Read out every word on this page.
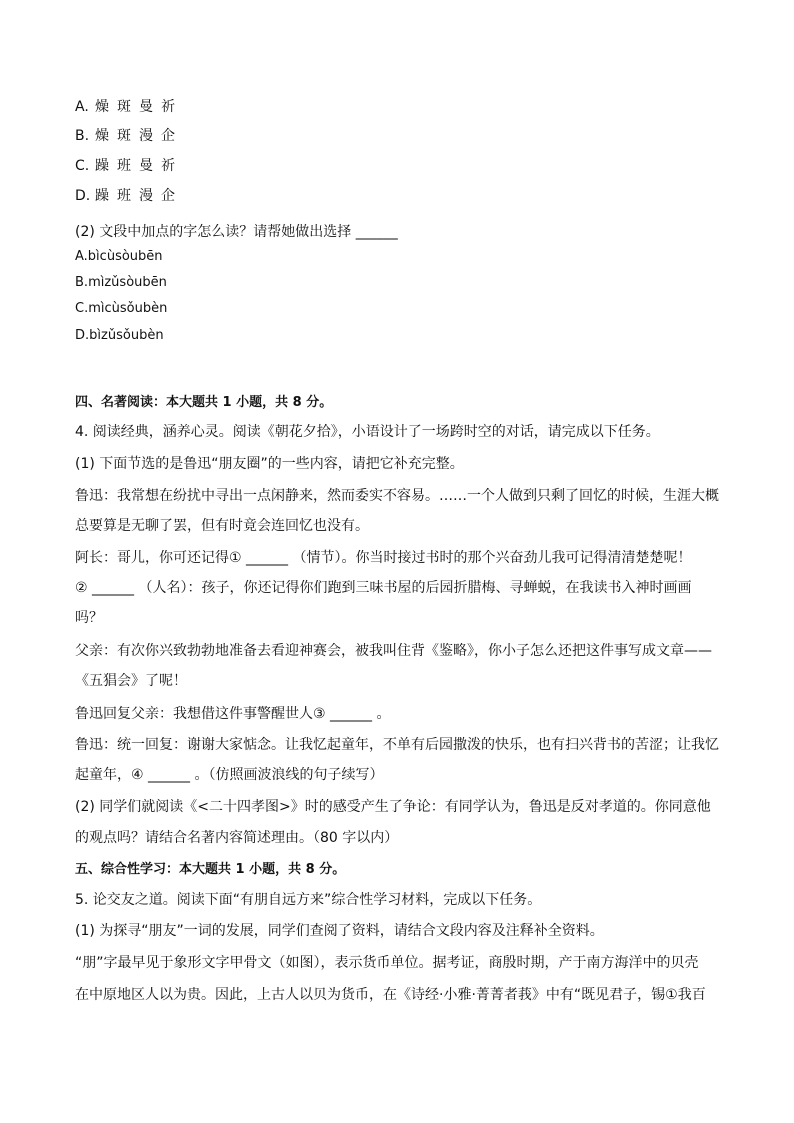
A. 燥 斑 曼 祈
B. 燥 斑 漫 企
C. 躁 班 曼 祈
D. 躁 班 漫 企
(2) 文段中加点的字怎么读？请帮她做出选择 ______
A.bìcùsòubēn
B.mìzǔsòubēn
C.mìcùsǒubèn
D.bìzǔsǒubèn
四、名著阅读：本大题共 1 小题，共 8 分。
4. 阅读经典，涵养心灵。阅读《朝花夕拾》，小语设计了一场跨时空的对话，请完成以下任务。
(1) 下面节选的是鲁迅“朋友圈”的一些内容，请把它补充完整。
鲁迅：我常想在纷扰中寻出一点闲静来，然而委实不容易。……一个人做到只剩了回忆的时候，生涯大概
总要算是无聊了罢，但有时竟会连回忆也没有。
阿长：哥儿，你可还记得① ______ （情节）。你当时接过书时的那个兴奋劲儿我可记得清清楚楚呢！
② ______ （人名）：孩子，你还记得你们跑到三味书屋的后园折腊梅、寻蝉蜕，在我读书入神时画画
吗？
父亲：有次你兴致勃勃地准备去看迎神赛会，被我叫住背《鉴略》，你小子怎么还把这件事写成文章——
《五猖会》了呢！
鲁迅回复父亲：我想借这件事警醒世人③ ______ 。
鲁迅：统一回复：谢谢大家惦念。让我忆起童年，不单有后园撒泼的快乐，也有扫兴背书的苦涩；让我忆
起童年，④ ______ 。（仿照画波浪线的句子续写）
(2) 同学们就阅读《<二十四孝图>》时的感受产生了争论：有同学认为，鲁迅是反对孝道的。你同意他
的观点吗？请结合名著内容简述理由。（80 字以内）
五、综合性学习：本大题共 1 小题，共 8 分。
5. 论交友之道。阅读下面“有朋自远方来”综合性学习材料，完成以下任务。
(1) 为探寻“朋友”一词的发展，同学们查阅了资料，请结合文段内容及注释补全资料。
“朋”字最早见于象形文字甲骨文（如图），表示货币单位。据考证，商殷时期，产于南方海洋中的贝壳
在中原地区人以为贵。因此，上古人以贝为货币，在《诗经·小雅·菁菁者莪》中有“既见君子，锡①我百
